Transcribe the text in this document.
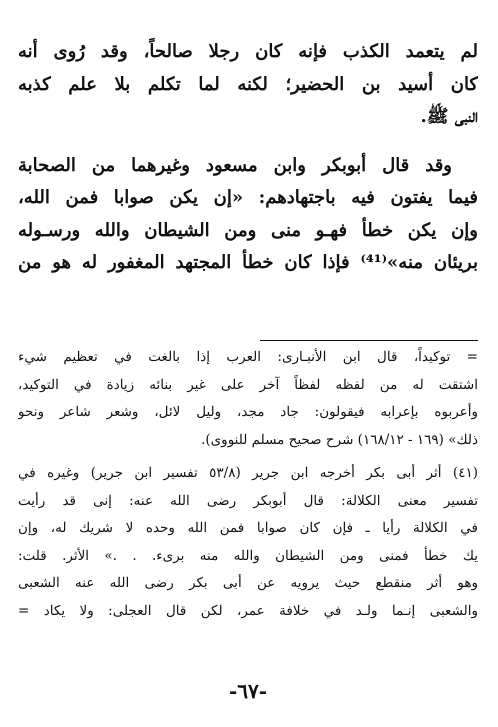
لم يتعمد الكذب فإنه كان رجلا صالحاً، وقد رُوى أنه
كان أسيد بن الحضير؛ لكنه لما تكلم بلا علم كذبه
النبى ﷺ.
وقد قال أبوبكر وابن مسعود وغيرهما من الصحابة
فيما يفتون فيه باجتهادهم: «إن يكن صوابا فمن الله،
وإن يكن خطأ فهـو منى ومن الشيطان والله ورسـوله
بريئان منه»⁽⁴¹⁾ فإذا كان خطأ المجتهد المغفور له هو من
= توكيداً، قال ابن الأنبـارى: العرب إذا بالغت في تعظيم شيء
اشتقت له من لفظه لفظاً آخر على غير بنائه زيادة في التوكيد،
وأعربوه بإعرابه فيقولون: جاد مجد، وليل لائل، وشعر شاعر ونحو
ذلك» (١٦٩ - ١٦٨/١٢) شرح صحيح مسلم للنووى).
(٤١) أثر أبى بكر أخرجه ابن جرير (٥٣/٨ تفسير ابن جرير) وغيره في
تفسير معنى الكلالة: قال أبوبكر رضى الله عنه: إنى قد رأيت
في الكلالة رأيا ـ فإن كان صوابا فمن الله وحده لا شريك له، وإن
يك خطأ فمنى ومن الشيطان والله منه برىء. . .» الأثر. قلت:
وهو أثر منقطع حيث يرويه عن أبى بكر رضى الله عنه الشعبى
والشعبى إنـما ولـد في خلافة عمر، لكن قال العجلى: ولا يكاد =
-٦٧-
